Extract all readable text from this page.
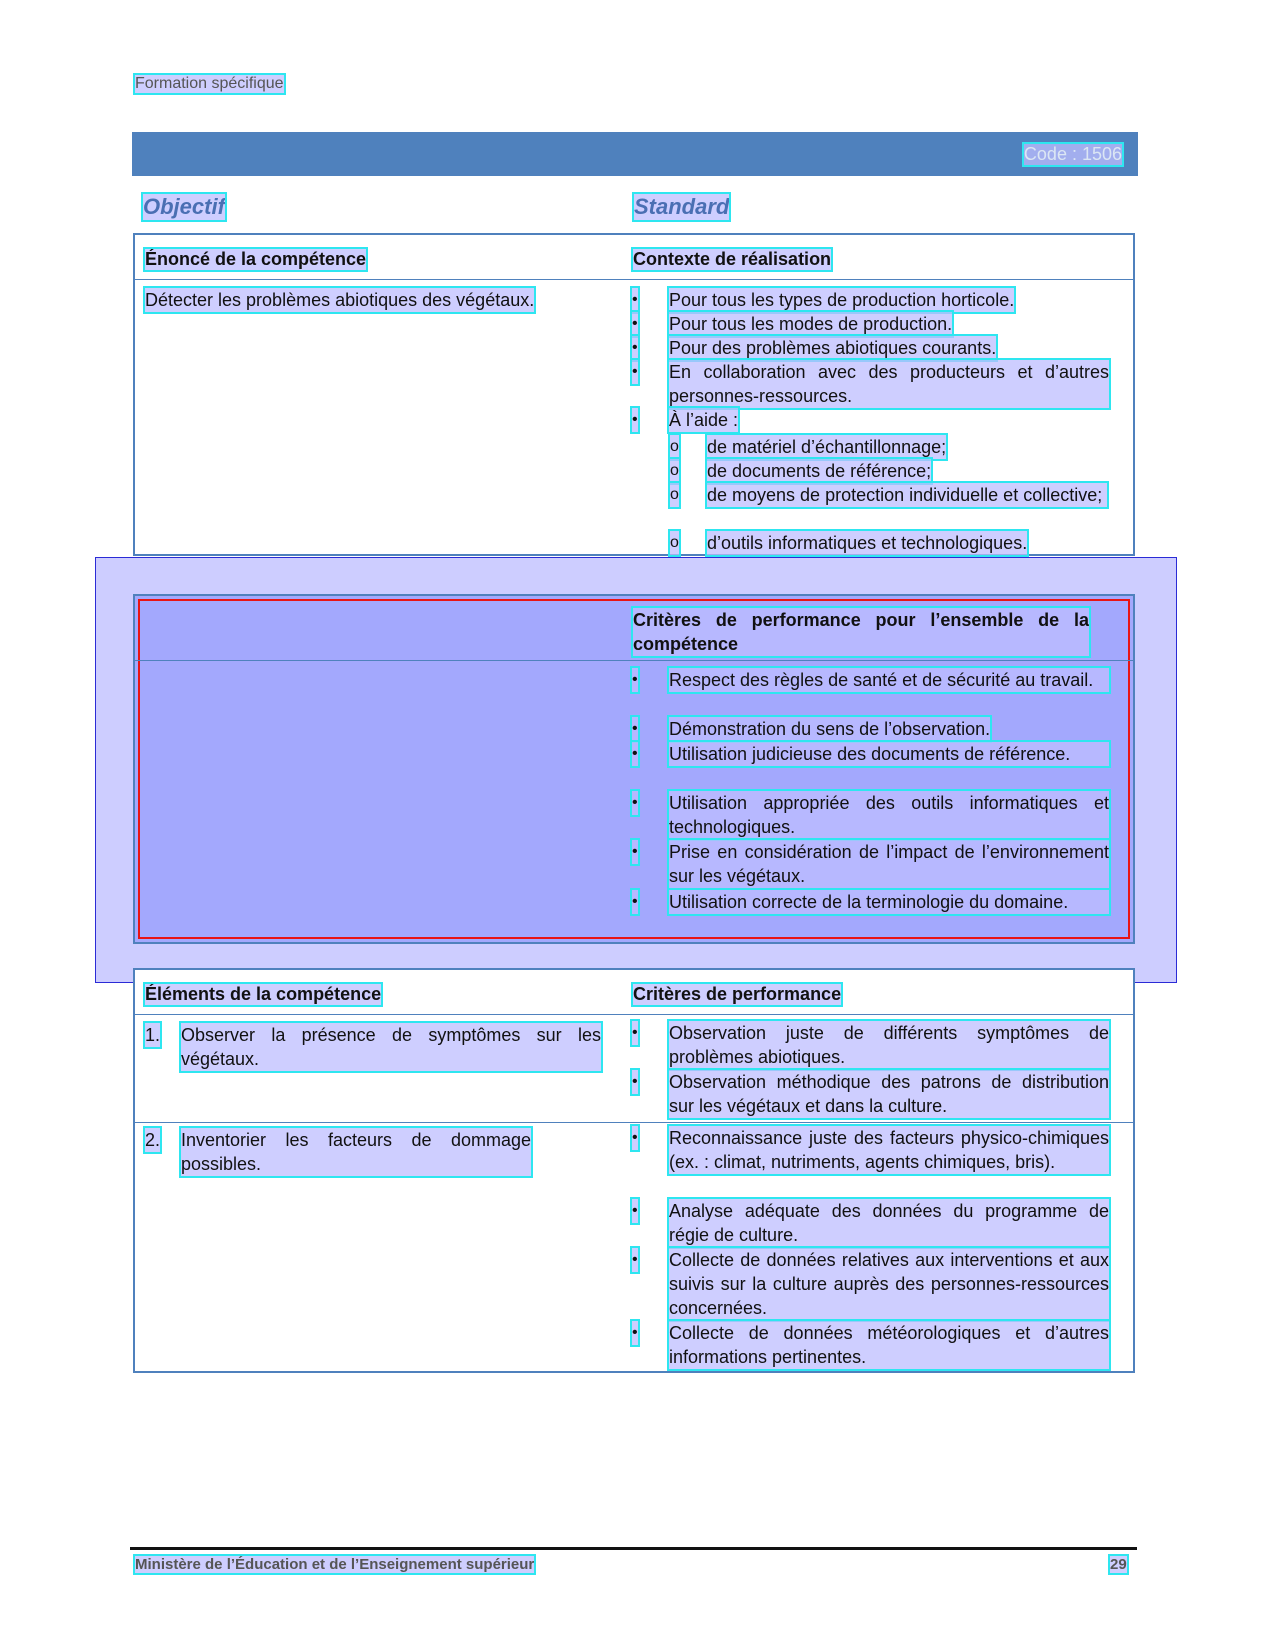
Formation spécifique
Code : 1506
Objectif	Standard
Énoncé de la compétence	Contexte de réalisation
Détecter les problèmes abiotiques des végétaux.	• Pour tous les types de production horticole.
• Pour tous les modes de production.
• Pour des problèmes abiotiques courants.
• En collaboration avec des producteurs et d’autres personnes-ressources.
• À l’aide :
o de matériel d’échantillonnage;
o de documents de référence;
o de moyens de protection individuelle et collective;
o d’outils informatiques et technologiques.
Critères de performance pour l’ensemble de la compétence
• Respect des règles de santé et de sécurité au travail.
• Démonstration du sens de l’observation.
• Utilisation judicieuse des documents de référence.
• Utilisation appropriée des outils informatiques et technologiques.
• Prise en considération de l’impact de l’environnement sur les végétaux.
• Utilisation correcte de la terminologie du domaine.
Éléments de la compétence	Critères de performance
1. Observer la présence de symptômes sur les végétaux.
• Observation juste de différents symptômes de problèmes abiotiques.
• Observation méthodique des patrons de distribution sur les végétaux et dans la culture.
2. Inventorier les facteurs de dommage possibles.
• Reconnaissance juste des facteurs physico-chimiques (ex. : climat, nutriments, agents chimiques, bris).
• Analyse adéquate des données du programme de régie de culture.
• Collecte de données relatives aux interventions et aux suivis sur la culture auprès des personnes-ressources concernées.
• Collecte de données météorologiques et d’autres informations pertinentes.
Ministère de l’Éducation et de l’Enseignement supérieur	29
